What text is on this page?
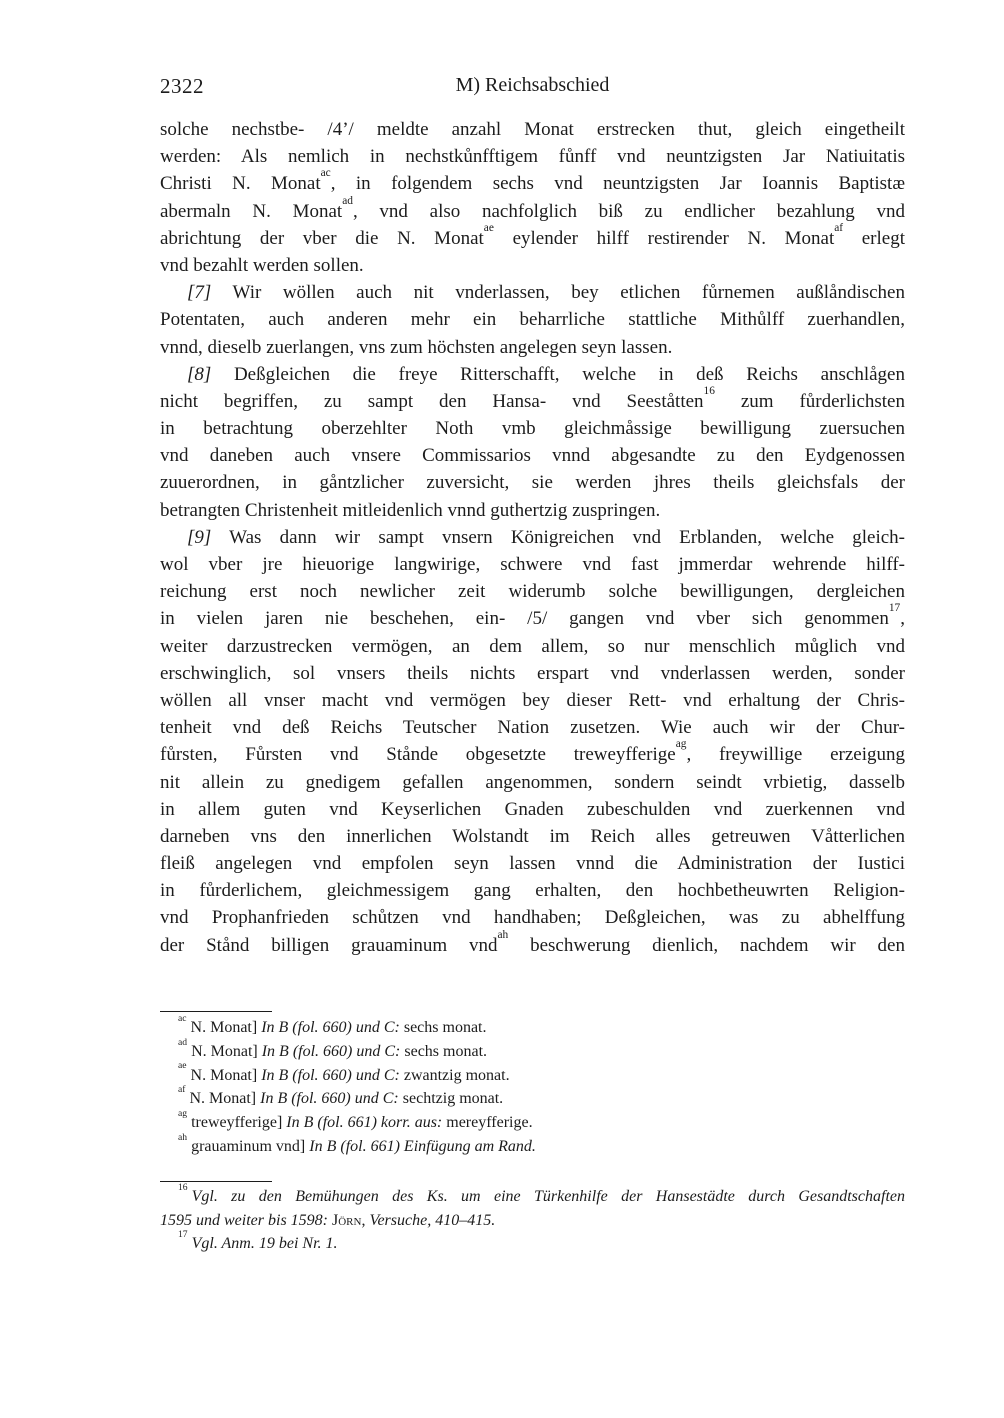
2322	M) Reichsabschied
solche nechstbe- /4’/ meldte anzahl Monat erstrecken thut, gleich eingetheilt
werden: Als nemlich in nechstkůnfftigem fůnff vnd neuntzigsten Jar Natiuitatis
Christi N. Monat$^{ac}$, in folgendem sechs vnd neuntzigsten Jar Ioannis Baptistæ
abermaln N. Monat$^{ad}$, vnd also nachfolglich biß zu endlicher bezahlung vnd
abrichtung der vber die N. Monat$^{ae}$ eylender hilff restirender N. Monat$^{af}$ erlegt
vnd bezahlt werden sollen.
[7] Wir wöllen auch nit vnderlassen, bey etlichen fůrnemen außlåndischen
Potentaten, auch anderen mehr ein beharrliche stattliche Mithůlff zuerhandlen,
vnnd, dieselb zuerlangen, vns zum höchsten angelegen seyn lassen.
[8] Deßgleichen die freye Ritterschafft, welche in deß Reichs anschlågen
nicht begriffen, zu sampt den Hansa- vnd Seeståtten$^{16}$ zum fůrderlichsten
in betrachtung oberzehlter Noth vmb gleichmåssige bewilligung zuersuchen
vnd daneben auch vnsere Commissarios vnnd abgesandte zu den Eydgenossen
zuuerordnen, in gåntzlicher zuversicht, sie werden jhres theils gleichsfals der
betrangten Christenheit mitleidenlich vnnd guthertzig zuspringen.
[9] Was dann wir sampt vnsern Königreichen vnd Erblanden, welche gleich-
wol vber jre hieuorige langwirige, schwere vnd fast jmmerdar wehrende hilff-
reichung erst noch newlicher zeit widerumb solche bewilligungen, dergleichen
in vielen jaren nie beschehen, ein- /5/ gangen vnd vber sich genommen$^{17}$,
weiter darzustrecken vermögen, an dem allem, so nur menschlich můglich vnd
erschwinglich, sol vnsers theils nichts erspart vnd vnderlassen werden, sonder
wöllen all vnser macht vnd vermögen bey dieser Rett- vnd erhaltung der Chris-
tenheit vnd deß Reichs Teutscher Nation zusetzen. Wie auch wir der Chur-
fůrsten, Fůrsten vnd Stånde obgesetzte treweyfferige$^{ag}$, freywillige erzeigung
nit allein zu gnedigem gefallen angenommen, sondern seindt vrbietig, dasselb
in allem guten vnd Keyserlichen Gnaden zubeschulden vnd zuerkennen vnd
darneben vns den innerlichen Wolstandt im Reich alles getreuwen Våtterlichen
fleiß angelegen vnd empfolen seyn lassen vnnd die Administration der Iustici
in fůrderlichem, gleichmessigem gang erhalten, den hochbetheuwrten Religion-
vnd Prophanfrieden schůtzen vnd handhaben; Deßgleichen, was zu abhelffung
der Stånd billigen grauaminum vnd$^{ah}$ beschwerung dienlich, nachdem wir den
$^{ac}$N. Monat] In B (fol. 660) und C: sechs monat.
$^{ad}$N. Monat] In B (fol. 660) und C: sechs monat.
$^{ae}$N. Monat] In B (fol. 660) und C: zwantzig monat.
$^{af}$N. Monat] In B (fol. 660) und C: sechtzig monat.
$^{ag}$treweyfferige] In B (fol. 661) korr. aus: mereyfferige.
$^{ah}$grauaminum vnd] In B (fol. 661) Einfügung am Rand.
$^{16}$Vgl. zu den Bemühungen des Ks. um eine Türkenhilfe der Hansestädte durch Gesandtschaften
1595 und weiter bis 1598: Jörn, Versuche, 410–415.
$^{17}$Vgl. Anm. 19 bei Nr. 1.
